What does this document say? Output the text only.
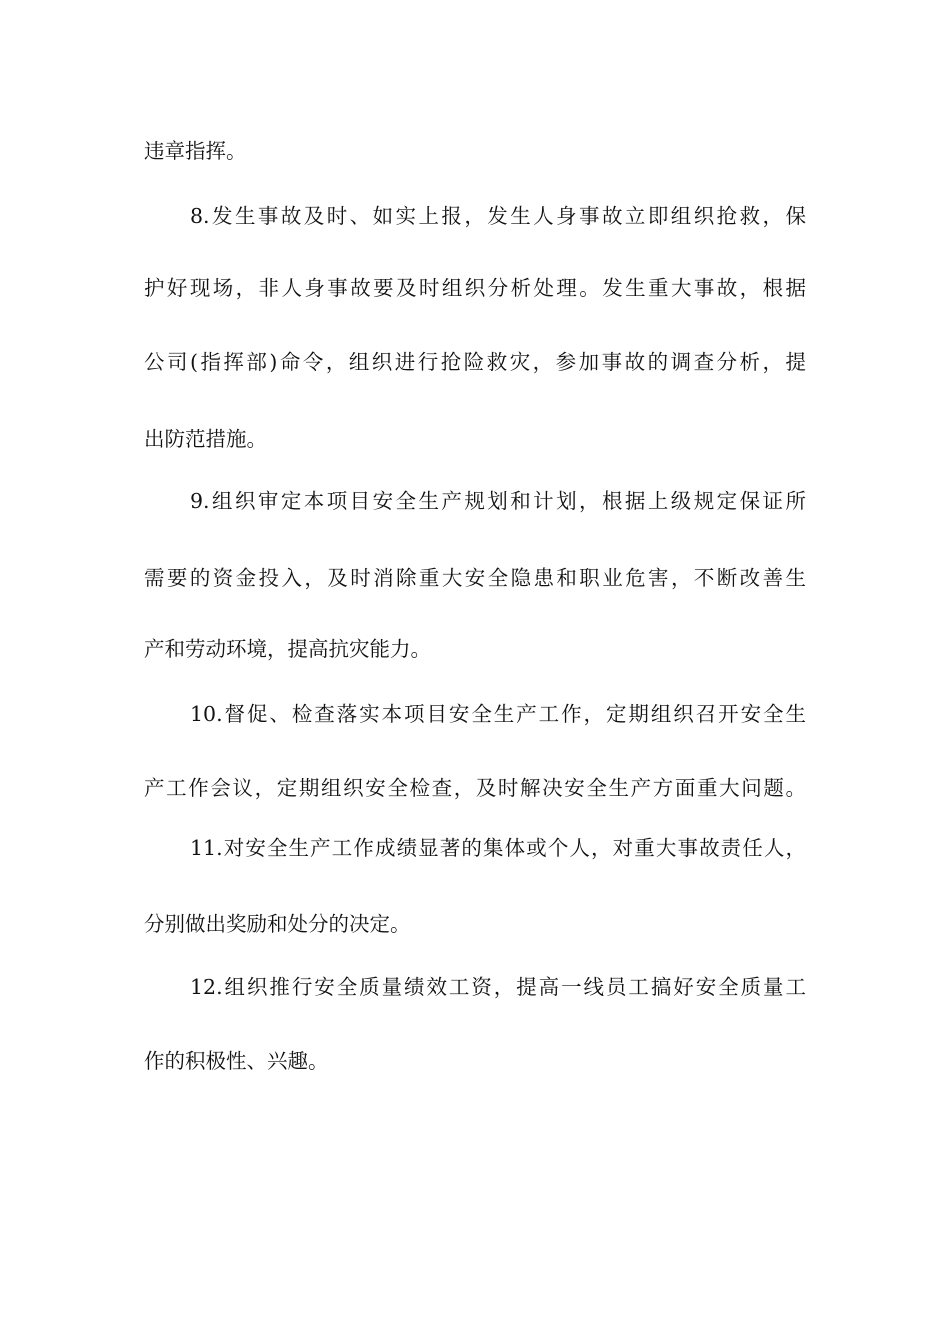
违章指挥。
8.发生事故及时、如实上报，发生人身事故立即组织抢救，保
护好现场，非人身事故要及时组织分析处理。发生重大事故，根据
公司(指挥部)命令，组织进行抢险救灾，参加事故的调查分析，提
出防范措施。
9.组织审定本项目安全生产规划和计划，根据上级规定保证所
需要的资金投入，及时消除重大安全隐患和职业危害，不断改善生
产和劳动环境，提高抗灾能力。
10.督促、检查落实本项目安全生产工作，定期组织召开安全生
产工作会议，定期组织安全检查，及时解决安全生产方面重大问题。
11.对安全生产工作成绩显著的集体或个人，对重大事故责任人，
分别做出奖励和处分的决定。
12.组织推行安全质量绩效工资，提高一线员工搞好安全质量工
作的积极性、兴趣。
